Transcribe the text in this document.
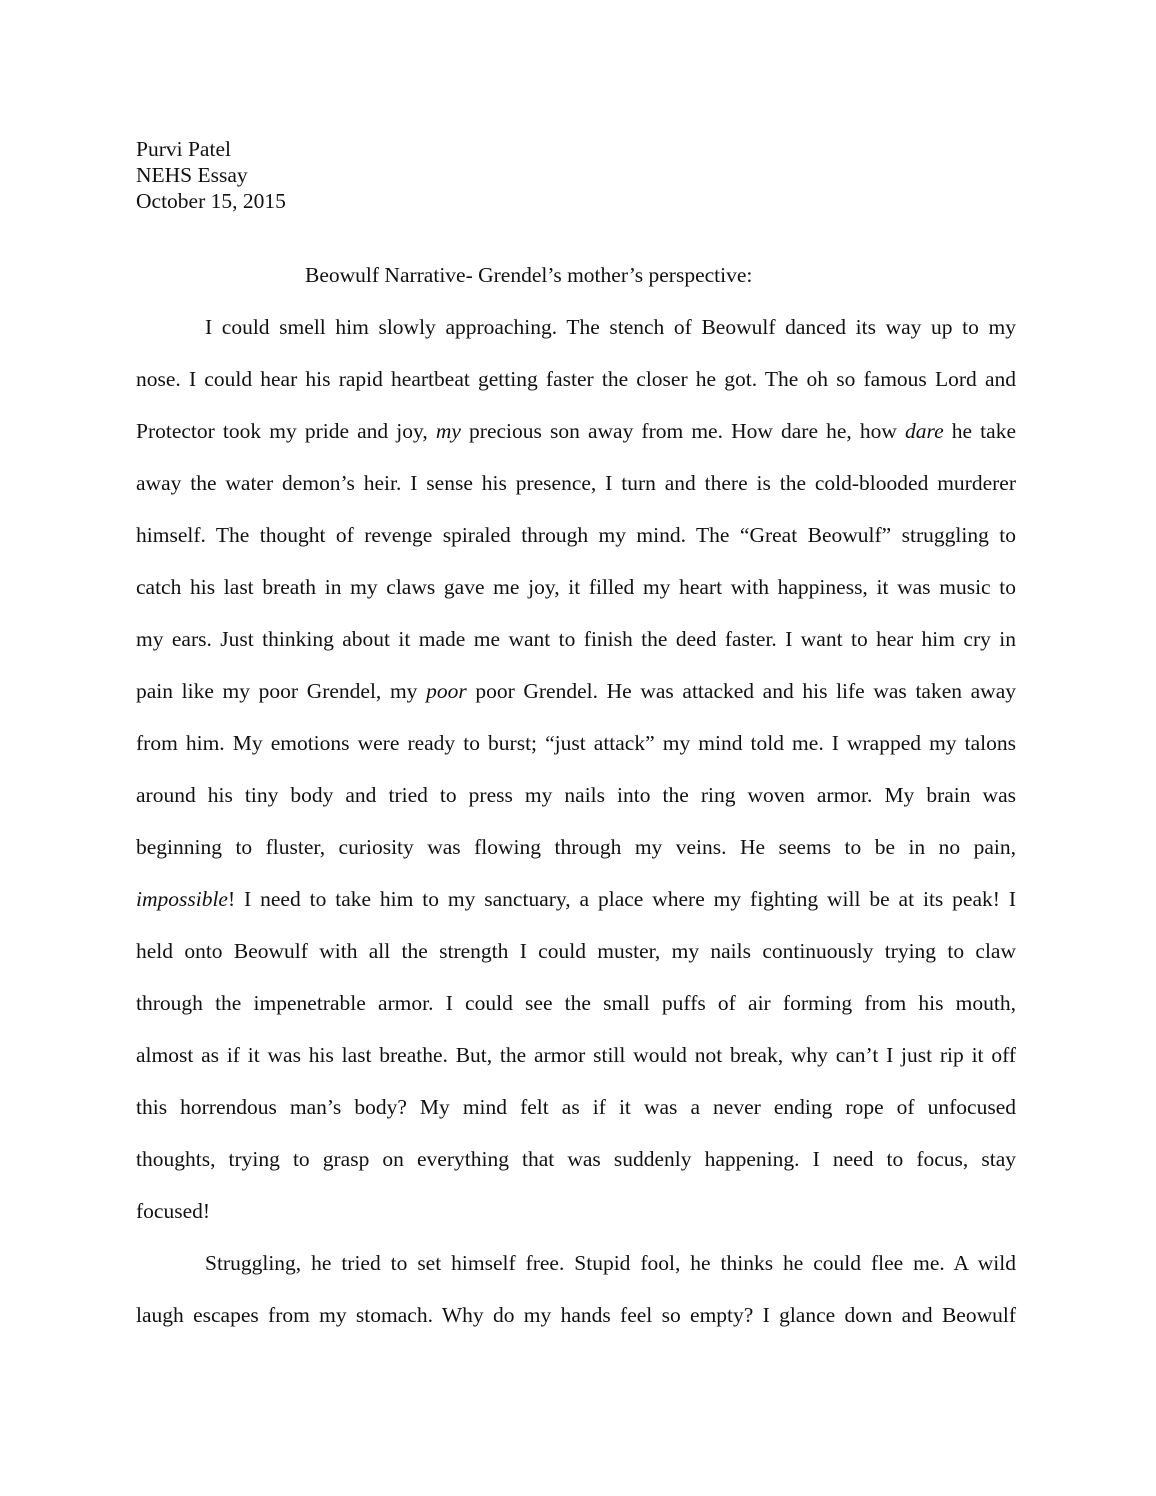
Purvi Patel
NEHS Essay
October 15, 2015
Beowulf Narrative- Grendel’s mother’s perspective:
I could smell him slowly approaching. The stench of Beowulf danced its way up to my
nose. I could hear his rapid heartbeat getting faster the closer he got. The oh so famous Lord and
Protector took my pride and joy, my precious son away from me. How dare he, how dare he take
away the water demon’s heir. I sense his presence, I turn and there is the cold-blooded murderer
himself. The thought of revenge spiraled through my mind. The “Great Beowulf” struggling to
catch his last breath in my claws gave me joy, it filled my heart with happiness, it was music to
my ears. Just thinking about it made me want to finish the deed faster. I want to hear him cry in
pain like my poor Grendel, my poor poor Grendel. He was attacked and his life was taken away
from him. My emotions were ready to burst; “just attack” my mind told me. I wrapped my talons
around his tiny body and tried to press my nails into the ring woven armor. My brain was
beginning to fluster, curiosity was flowing through my veins. He seems to be in no pain,
impossible! I need to take him to my sanctuary, a place where my fighting will be at its peak! I
held onto Beowulf with all the strength I could muster, my nails continuously trying to claw
through the impenetrable armor. I could see the small puffs of air forming from his mouth,
almost as if it was his last breathe. But, the armor still would not break, why can’t I just rip it off
this horrendous man’s body? My mind felt as if it was a never ending rope of unfocused
thoughts, trying to grasp on everything that was suddenly happening. I need to focus, stay
focused!
Struggling, he tried to set himself free. Stupid fool, he thinks he could flee me. A wild
laugh escapes from my stomach. Why do my hands feel so empty? I glance down and Beowulf
